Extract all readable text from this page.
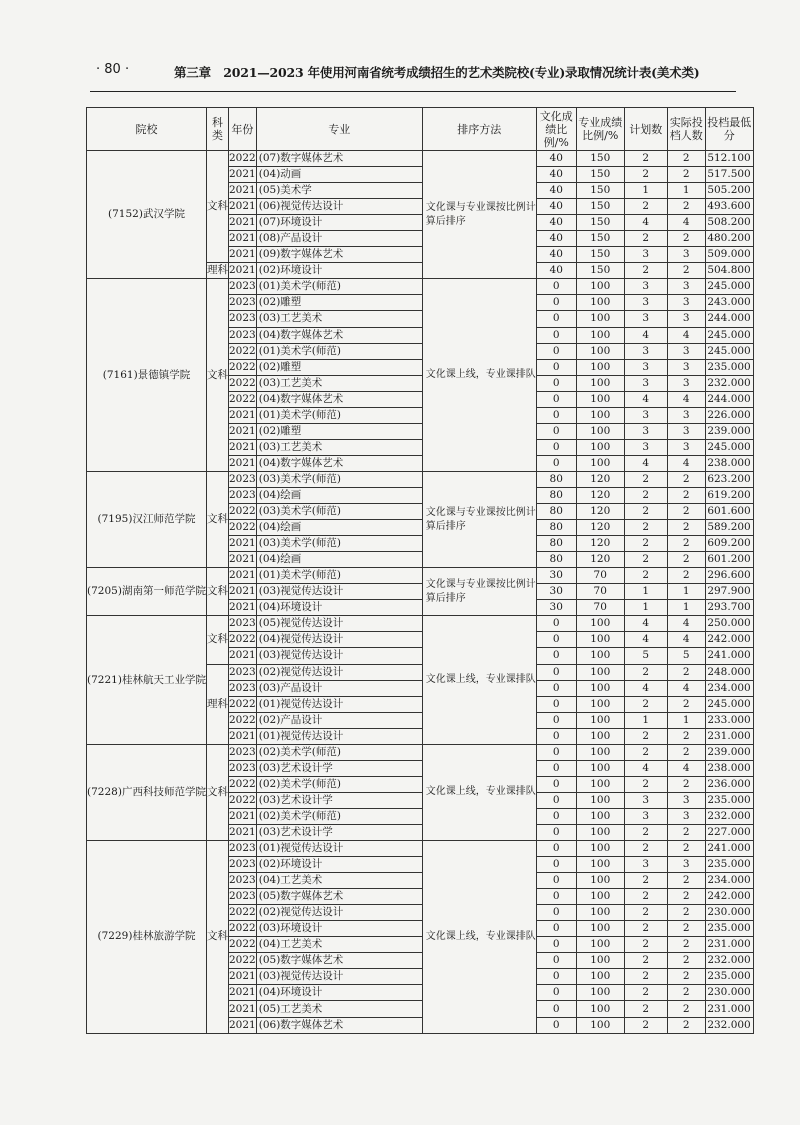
· 80 ·	第三章　2021—2023 年使用河南省统考成绩招生的艺术类院校(专业)录取情况统计表(美术类)
院校	科类	年份	专业	排序方法	文化成绩比例/%	专业成绩比例/%	计划数	实际投档人数	投档最低分
(7152)武汉学院	文科	2022	(07)数字媒体艺术	文化课与专业课按比例计算后排序	40	150	2	2	512.100
		2021	(04)动画		40	150	2	2	517.500
		2021	(05)美术学		40	150	1	1	505.200
		2021	(06)视觉传达设计		40	150	2	2	493.600
		2021	(07)环境设计		40	150	4	4	508.200
		2021	(08)产品设计		40	150	2	2	480.200
		2021	(09)数字媒体艺术		40	150	3	3	509.000
	理科	2021	(02)环境设计		40	150	2	2	504.800
(7161)景德镇学院	文科	2023	(01)美术学(师范)	文化课上线，专业课排队	0	100	3	3	245.000
		2023	(02)雕塑		0	100	3	3	243.000
		2023	(03)工艺美术		0	100	3	3	244.000
		2023	(04)数字媒体艺术		0	100	4	4	245.000
		2022	(01)美术学(师范)		0	100	3	3	245.000
		2022	(02)雕塑		0	100	3	3	235.000
		2022	(03)工艺美术		0	100	3	3	232.000
		2022	(04)数字媒体艺术		0	100	4	4	244.000
		2021	(01)美术学(师范)		0	100	3	3	226.000
		2021	(02)雕塑		0	100	3	3	239.000
		2021	(03)工艺美术		0	100	3	3	245.000
		2021	(04)数字媒体艺术		0	100	4	4	238.000
(7195)汉江师范学院	文科	2023	(03)美术学(师范)	文化课与专业课按比例计算后排序	80	120	2	2	623.200
		2023	(04)绘画		80	120	2	2	619.200
		2022	(03)美术学(师范)		80	120	2	2	601.600
		2022	(04)绘画		80	120	2	2	589.200
		2021	(03)美术学(师范)		80	120	2	2	609.200
		2021	(04)绘画		80	120	2	2	601.200
(7205)湖南第一师范学院	文科	2021	(01)美术学(师范)	文化课与专业课按比例计算后排序	30	70	2	2	296.600
		2021	(03)视觉传达设计		30	70	1	1	297.900
		2021	(04)环境设计		30	70	1	1	293.700
(7221)桂林航天工业学院	文科	2023	(05)视觉传达设计	文化课上线，专业课排队	0	100	4	4	250.000
		2022	(04)视觉传达设计		0	100	4	4	242.000
		2021	(03)视觉传达设计		0	100	5	5	241.000
	理科	2023	(02)视觉传达设计		0	100	2	2	248.000
		2023	(03)产品设计		0	100	4	4	234.000
		2022	(01)视觉传达设计		0	100	2	2	245.000
		2022	(02)产品设计		0	100	1	1	233.000
		2021	(01)视觉传达设计		0	100	2	2	231.000
(7228)广西科技师范学院	文科	2023	(02)美术学(师范)	文化课上线，专业课排队	0	100	2	2	239.000
		2023	(03)艺术设计学		0	100	4	4	238.000
		2022	(02)美术学(师范)		0	100	2	2	236.000
		2022	(03)艺术设计学		0	100	3	3	235.000
		2021	(02)美术学(师范)		0	100	3	3	232.000
		2021	(03)艺术设计学		0	100	2	2	227.000
(7229)桂林旅游学院	文科	2023	(01)视觉传达设计	文化课上线，专业课排队	0	100	2	2	241.000
		2023	(02)环境设计		0	100	3	3	235.000
		2023	(04)工艺美术		0	100	2	2	234.000
		2023	(05)数字媒体艺术		0	100	2	2	242.000
		2022	(02)视觉传达设计		0	100	2	2	230.000
		2022	(03)环境设计		0	100	2	2	235.000
		2022	(04)工艺美术		0	100	2	2	231.000
		2022	(05)数字媒体艺术		0	100	2	2	232.000
		2021	(03)视觉传达设计		0	100	2	2	235.000
		2021	(04)环境设计		0	100	2	2	230.000
		2021	(05)工艺美术		0	100	2	2	231.000
		2021	(06)数字媒体艺术		0	100	2	2	232.000
